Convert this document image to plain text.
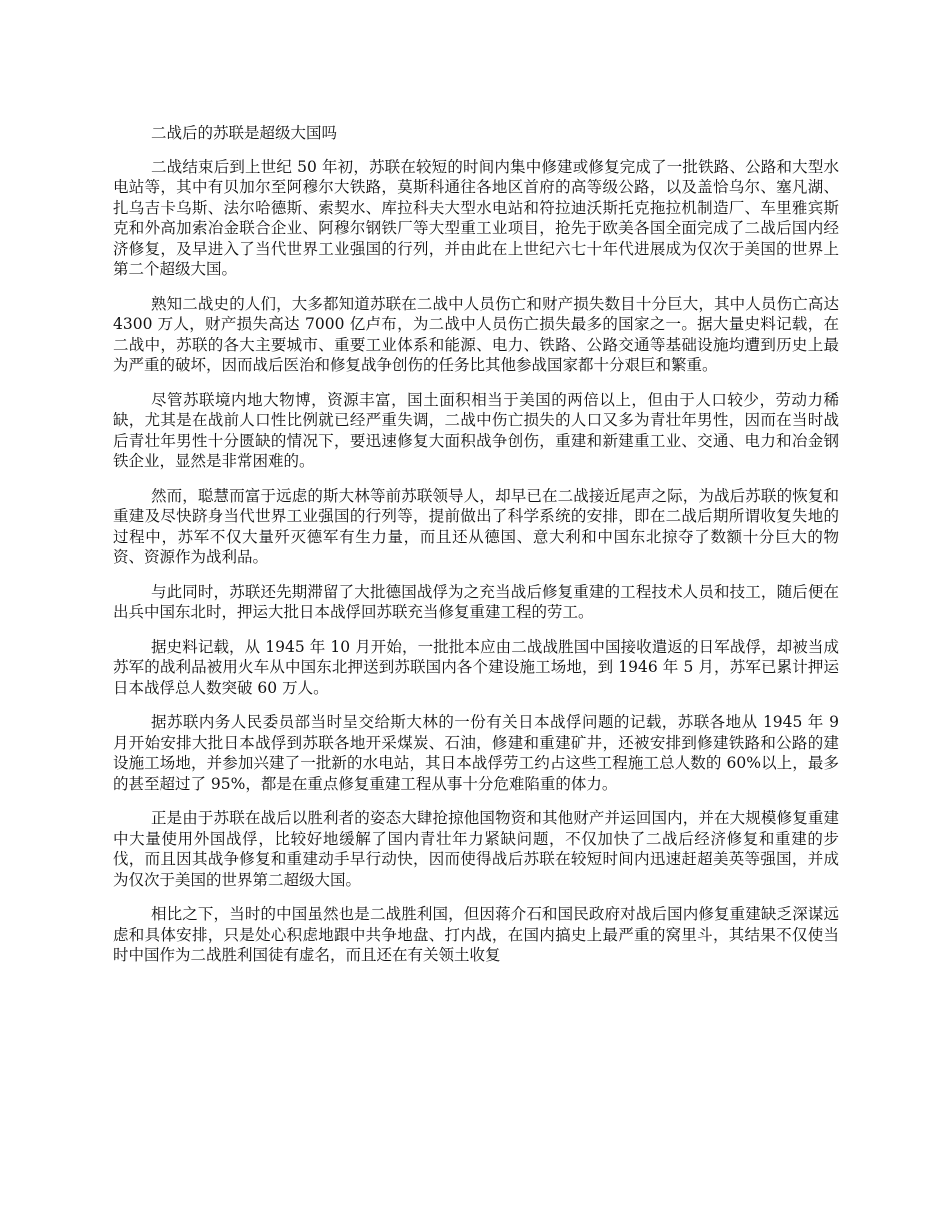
二战后的苏联是超级大国吗

二战结束后到上世纪 50 年初，苏联在较短的时间内集中修建或修复完成了一批铁路、公路和大型水电站等，其中有贝加尔至阿穆尔大铁路，莫斯科通往各地区首府的高等级公路，以及盖恰乌尔、塞凡湖、扎乌吉卡乌斯、法尔哈德斯、索契水、库拉科夫大型水电站和符拉迪沃斯托克拖拉机制造厂、车里雅宾斯克和外高加索冶金联合企业、阿穆尔钢铁厂等大型重工业项目，抢先于欧美各国全面完成了二战后国内经济修复，及早进入了当代世界工业强国的行列，并由此在上世纪六七十年代进展成为仅次于美国的世界上第二个超级大国。

熟知二战史的人们，大多都知道苏联在二战中人员伤亡和财产损失数目十分巨大，其中人员伤亡高达 4300 万人，财产损失高达 7000 亿卢布，为二战中人员伤亡损失最多的国家之一。据大量史料记载，在二战中，苏联的各大主要城市、重要工业体系和能源、电力、铁路、公路交通等基础设施均遭到历史上最为严重的破坏，因而战后医治和修复战争创伤的任务比其他参战国家都十分艰巨和繁重。

尽管苏联境内地大物博，资源丰富，国土面积相当于美国的两倍以上，但由于人口较少，劳动力稀缺，尤其是在战前人口性比例就已经严重失调，二战中伤亡损失的人口又多为青壮年男性，因而在当时战后青壮年男性十分匮缺的情况下，要迅速修复大面积战争创伤，重建和新建重工业、交通、电力和冶金钢铁企业，显然是非常困难的。

然而，聪慧而富于远虑的斯大林等前苏联领导人，却早已在二战接近尾声之际，为战后苏联的恢复和重建及尽快跻身当代世界工业强国的行列等，提前做出了科学系统的安排，即在二战后期所谓收复失地的过程中，苏军不仅大量歼灭德军有生力量，而且还从德国、意大利和中国东北掠夺了数额十分巨大的物资、资源作为战利品。

与此同时，苏联还先期滞留了大批德国战俘为之充当战后修复重建的工程技术人员和技工，随后便在出兵中国东北时，押运大批日本战俘回苏联充当修复重建工程的劳工。

据史料记载，从 1945 年 10 月开始，一批批本应由二战战胜国中国接收遣返的日军战俘，却被当成苏军的战利品被用火车从中国东北押送到苏联国内各个建设施工场地，到 1946 年 5 月，苏军已累计押运日本战俘总人数突破 60 万人。

据苏联内务人民委员部当时呈交给斯大林的一份有关日本战俘问题的记载，苏联各地从 1945 年 9 月开始安排大批日本战俘到苏联各地开采煤炭、石油，修建和重建矿井，还被安排到修建铁路和公路的建设施工场地，并参加兴建了一批新的水电站，其日本战俘劳工约占这些工程施工总人数的 60%以上，最多的甚至超过了 95%，都是在重点修复重建工程从事十分危难陷重的体力。

正是由于苏联在战后以胜利者的姿态大肆抢掠他国物资和其他财产并运回国内，并在大规模修复重建中大量使用外国战俘，比较好地缓解了国内青壮年力紧缺问题，不仅加快了二战后经济修复和重建的步伐，而且因其战争修复和重建动手早行动快，因而使得战后苏联在较短时间内迅速赶超美英等强国，并成为仅次于美国的世界第二超级大国。

相比之下，当时的中国虽然也是二战胜利国，但因蒋介石和国民政府对战后国内修复重建缺乏深谋远虑和具体安排，只是处心积虑地跟中共争地盘、打内战，在国内搞史上最严重的窝里斗，其结果不仅使当时中国作为二战胜利国徒有虚名，而且还在有关领土收复
